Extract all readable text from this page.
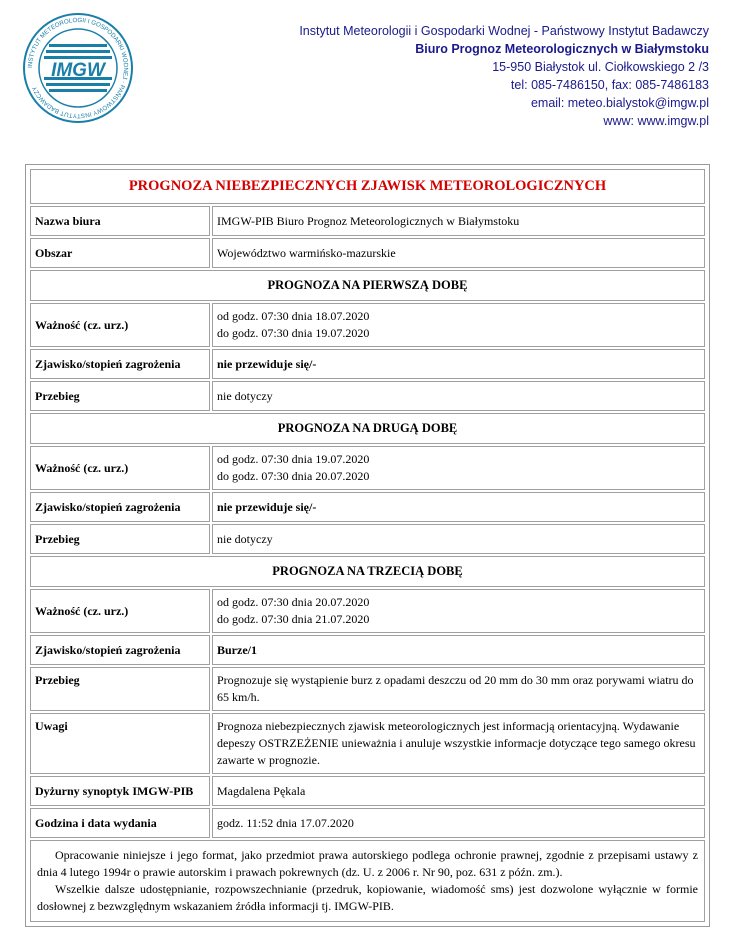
INSTYTUT METEOROLOGII I GOSPODARKI WODNEJ · PAŃSTWOWY INSTYTUT BADAWCZY
IMGW
Instytut Meteorologii i Gospodarki Wodnej - Państwowy Instytut Badawczy
Biuro Prognoz Meteorologicznych w Białymstoku
15-950 Białystok ul. Ciołkowskiego 2 /3
tel: 085-7486150, fax: 085-7486183
email: meteo.bialystok@imgw.pl
www: www.imgw.pl
PROGNOZA NIEBEZPIECZNYCH ZJAWISK METEOROLOGICZNYCH	
Nazwa biura	IMGW-PIB Biuro Prognoz Meteorologicznych w Białymstoku
Obszar	Województwo warmińsko-mazurskie
PROGNOZA NA PIERWSZĄ DOBĘ	
Ważność (cz. urz.)	od godz. 07:30 dnia 18.07.2020
do godz. 07:30 dnia 19.07.2020

Zjawisko/stopień zagrożenia	nie przewiduje się/-
Przebieg	nie dotyczy
PROGNOZA NA DRUGĄ DOBĘ	
Ważność (cz. urz.)	od godz. 07:30 dnia 19.07.2020
do godz. 07:30 dnia 20.07.2020

Zjawisko/stopień zagrożenia	nie przewiduje się/-
Przebieg	nie dotyczy
PROGNOZA NA TRZECIĄ DOBĘ	
Ważność (cz. urz.)	od godz. 07:30 dnia 20.07.2020
do godz. 07:30 dnia 21.07.2020

Zjawisko/stopień zagrożenia	Burze/1
Przebieg	Prognozuje się wystąpienie burz z opadami deszczu od 20 mm do 30 mm oraz porywami wiatru do 65 km/h.
Uwagi	Prognoza niebezpiecznych zjawisk meteorologicznych jest informacją orientacyjną. Wydawanie depeszy OSTRZEŻENIE unieważnia i anuluje wszystkie informacje dotyczące tego samego okresu zawarte w prognozie.
Dyżurny synoptyk IMGW-PIB	Magdalena Pękala
Godzina i data wydania	godz. 11:52 dnia 17.07.2020

Opracowanie niniejsze i jego format, jako przedmiot prawa autorskiego podlega ochronie prawnej, zgodnie z przepisami ustawy z dnia 4 lutego 1994r o prawie autorskim i prawach pokrewnych (dz. U. z 2006 r. Nr 90, poz. 631 z późn. zm.).

Wszelkie dalsze udostępnianie, rozpowszechnianie (przedruk, kopiowanie, wiadomość sms) jest dozwolone wyłącznie w formie dosłownej z bezwzględnym wskazaniem źródła informacji tj. IMGW-PIB.	
